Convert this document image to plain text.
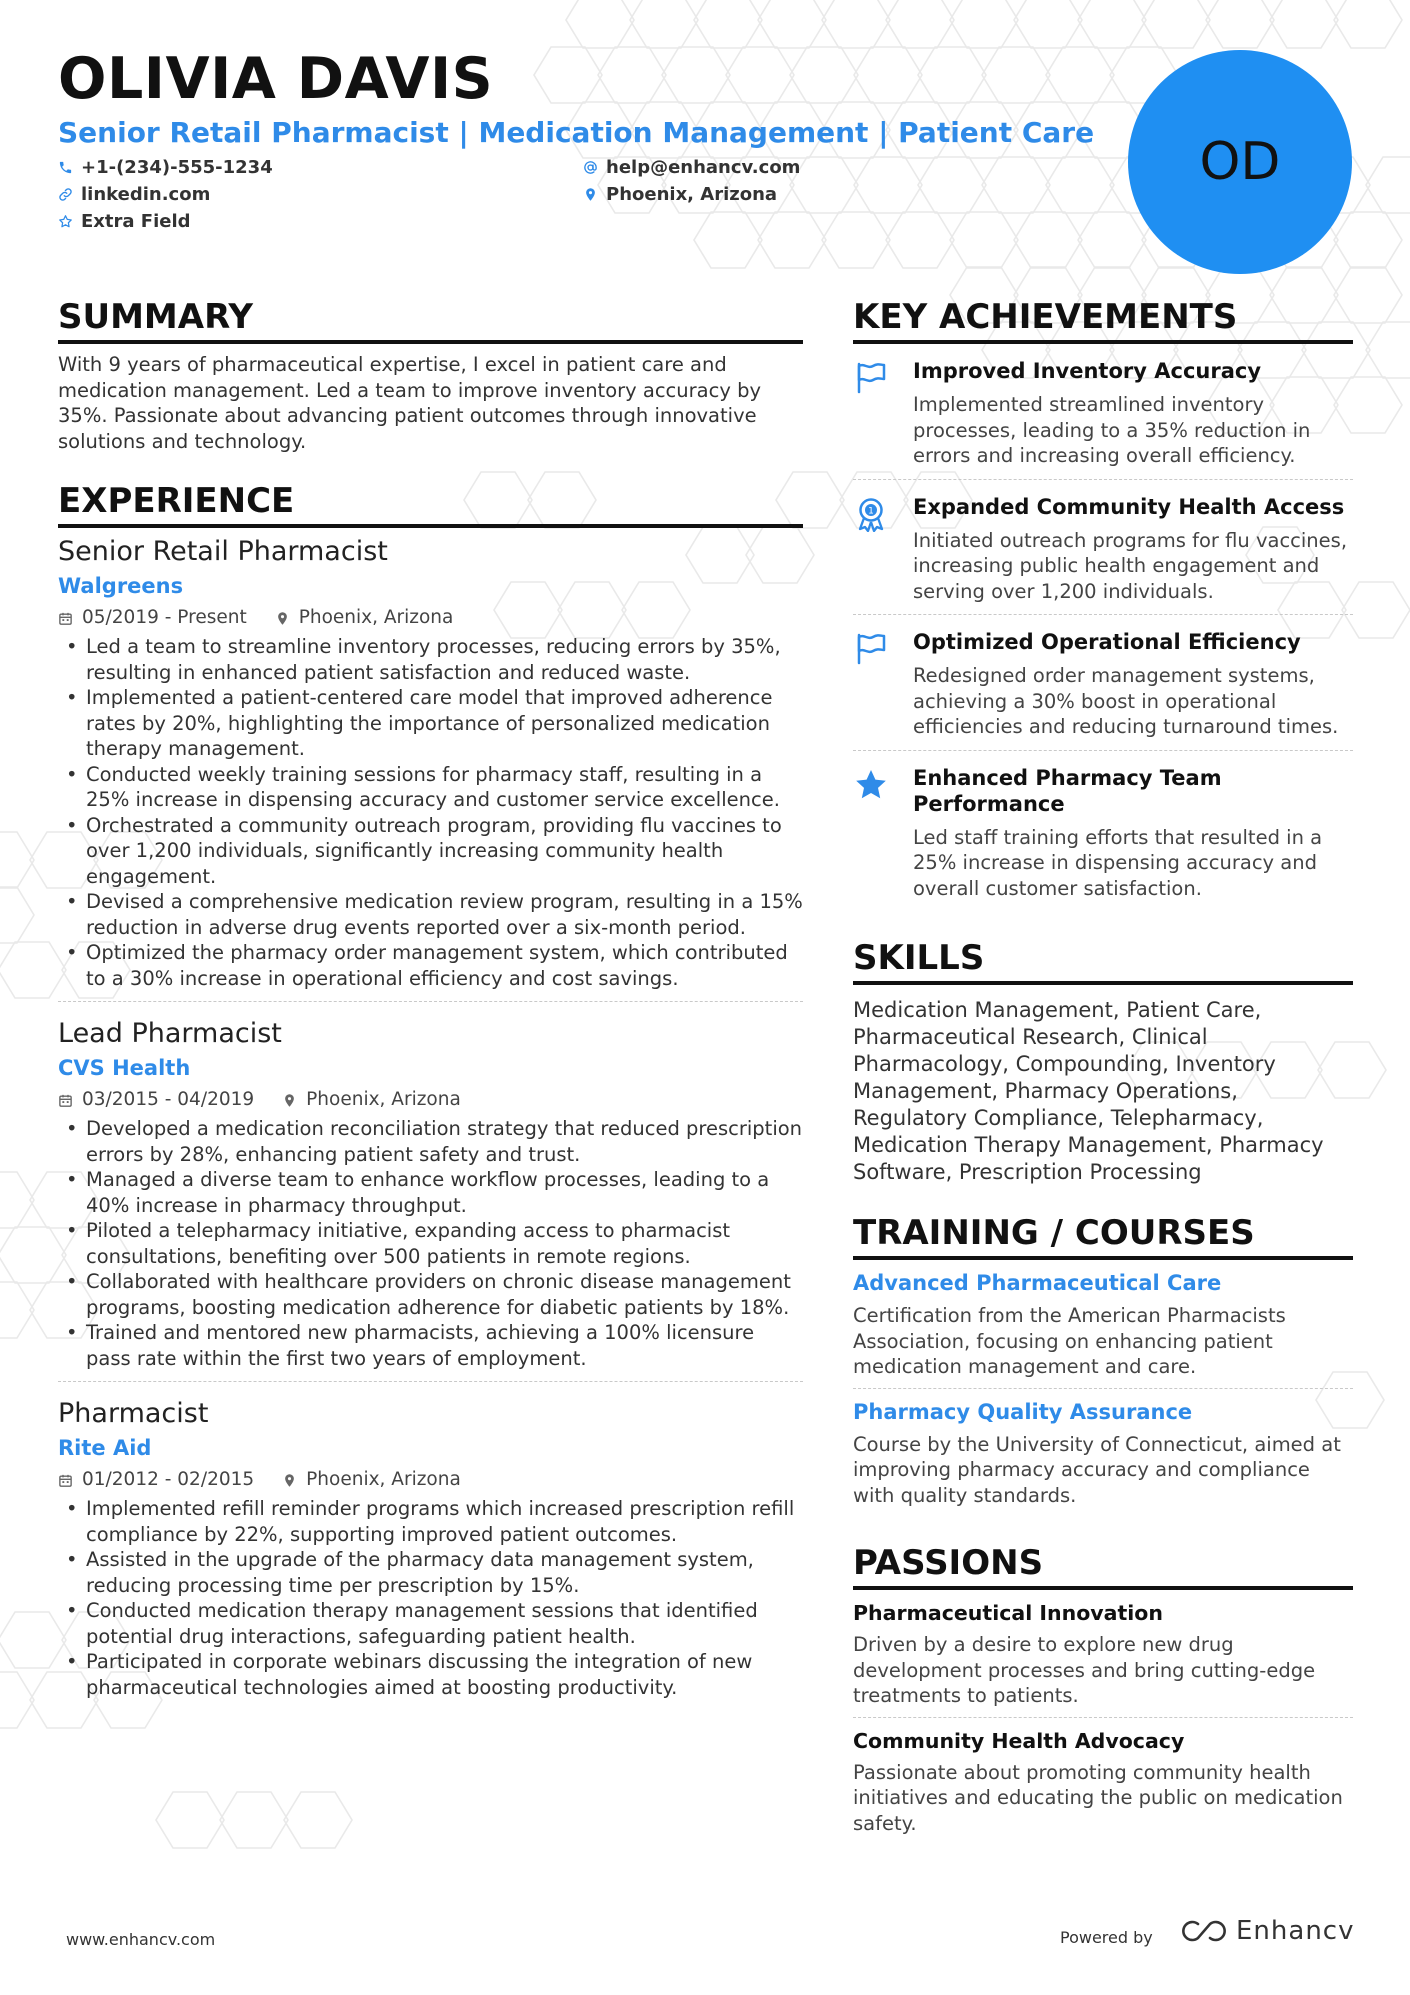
OLIVIA DAVIS
Senior Retail Pharmacist | Medication Management | Patient Care
+1-(234)-555-1234	help@enhancv.com
linkedin.com	Phoenix, Arizona
Extra Field
OD
SUMMARY

With 9 years of pharmaceutical expertise, I excel in patient care and medication management. Led a team to improve inventory accuracy by 35%. Passionate about advancing patient outcomes through innovative solutions and technology.

EXPERIENCE
Senior Retail Pharmacist
Walgreens
05/2019 - Present	Phoenix, Arizona
• Led a team to streamline inventory processes, reducing errors by 35%, resulting in enhanced patient satisfaction and reduced waste.
• Implemented a patient-centered care model that improved adherence rates by 20%, highlighting the importance of personalized medication therapy management.
• Conducted weekly training sessions for pharmacy staff, resulting in a 25% increase in dispensing accuracy and customer service excellence.
• Orchestrated a community outreach program, providing flu vaccines to over 1,200 individuals, significantly increasing community health engagement.
• Devised a comprehensive medication review program, resulting in a 15% reduction in adverse drug events reported over a six-month period.
• Optimized the pharmacy order management system, which contributed to a 30% increase in operational efficiency and cost savings.
Lead Pharmacist
CVS Health
03/2015 - 04/2019	Phoenix, Arizona
• Developed a medication reconciliation strategy that reduced prescription errors by 28%, enhancing patient safety and trust.
• Managed a diverse team to enhance workflow processes, leading to a 40% increase in pharmacy throughput.
• Piloted a telepharmacy initiative, expanding access to pharmacist consultations, benefiting over 500 patients in remote regions.
• Collaborated with healthcare providers on chronic disease management programs, boosting medication adherence for diabetic patients by 18%.
• Trained and mentored new pharmacists, achieving a 100% licensure pass rate within the first two years of employment.
Pharmacist
Rite Aid
01/2012 - 02/2015	Phoenix, Arizona
• Implemented refill reminder programs which increased prescription refill compliance by 22%, supporting improved patient outcomes.
• Assisted in the upgrade of the pharmacy data management system, reducing processing time per prescription by 15%.
• Conducted medication therapy management sessions that identified potential drug interactions, safeguarding patient health.
• Participated in corporate webinars discussing the integration of new pharmaceutical technologies aimed at boosting productivity.
KEY ACHIEVEMENTS
Improved Inventory Accuracy
Implemented streamlined inventory processes, leading to a 35% reduction in errors and increasing overall efficiency.
1 Expanded Community Health Access
Initiated outreach programs for flu vaccines, increasing public health engagement and serving over 1,200 individuals.
Optimized Operational Efficiency
Redesigned order management systems, achieving a 30% boost in operational efficiencies and reducing turnaround times.
Enhanced Pharmacy Team Performance
Led staff training efforts that resulted in a 25% increase in dispensing accuracy and overall customer satisfaction.
SKILLS

Medication Management, Patient Care, Pharmaceutical Research, Clinical Pharmacology, Compounding, Inventory Management, Pharmacy Operations, Regulatory Compliance, Telepharmacy, Medication Therapy Management, Pharmacy Software, Prescription Processing

TRAINING / COURSES
Advanced Pharmaceutical Care
Certification from the American Pharmacists Association, focusing on enhancing patient medication management and care.
Pharmacy Quality Assurance
Course by the University of Connecticut, aimed at improving pharmacy accuracy and compliance with quality standards.
PASSIONS
Pharmaceutical Innovation
Driven by a desire to explore new drug development processes and bring cutting-edge treatments to patients.
Community Health Advocacy
Passionate about promoting community health initiatives and educating the public on medication safety.
www.enhancv.com	Powered by	Enhancv
